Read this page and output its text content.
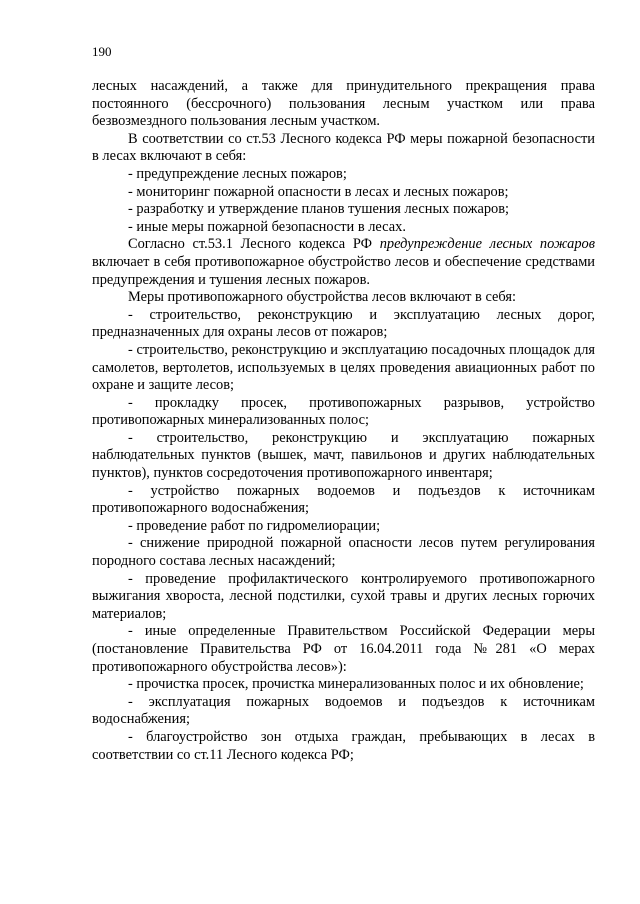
190

лесных насаждений, а также для принудительного прекращения права постоянного (бессрочного) пользования лесным участком или права безвозмездного пользования лесным участком.

В соответствии со ст.53 Лесного кодекса РФ меры пожарной безопасности в лесах включают в себя:

- предупреждение лесных пожаров;

- мониторинг пожарной опасности в лесах и лесных пожаров;

- разработку и утверждение планов тушения лесных пожаров;

- иные меры пожарной безопасности в лесах.

Согласно ст.53.1 Лесного кодекса РФ предупреждение лесных пожаров включает в себя противопожарное обустройство лесов и обеспечение средствами предупреждения и тушения лесных пожаров.

Меры противопожарного обустройства лесов включают в себя:

- строительство, реконструкцию и эксплуатацию лесных дорог, предназначенных для охраны лесов от пожаров;

- строительство, реконструкцию и эксплуатацию посадочных площадок для самолетов, вертолетов, используемых в целях проведения авиационных работ по охране и защите лесов;

- прокладку просек, противопожарных разрывов, устройство противопожарных минерализованных полос;

- строительство, реконструкцию и эксплуатацию пожарных наблюдательных пунктов (вышек, мачт, павильонов и других наблюдательных пунктов), пунктов сосредоточения противопожарного инвентаря;

- устройство пожарных водоемов и подъездов к источникам противопожарного водоснабжения;

- проведение работ по гидромелиорации;

- снижение природной пожарной опасности лесов путем регулирования породного состава лесных насаждений;

- проведение профилактического контролируемого противопожарного выжигания хвороста, лесной подстилки, сухой травы и других лесных горючих материалов;

- иные определенные Правительством Российской Федерации меры (постановление Правительства РФ от 16.04.2011 года №281 «О мерах противопожарного обустройства лесов»):

- прочистка просек, прочистка минерализованных полос и их обновление;

- эксплуатация пожарных водоемов и подъездов к источникам водоснабжения;

- благоустройство зон отдыха граждан, пребывающих в лесах в соответствии со ст.11 Лесного кодекса РФ;
